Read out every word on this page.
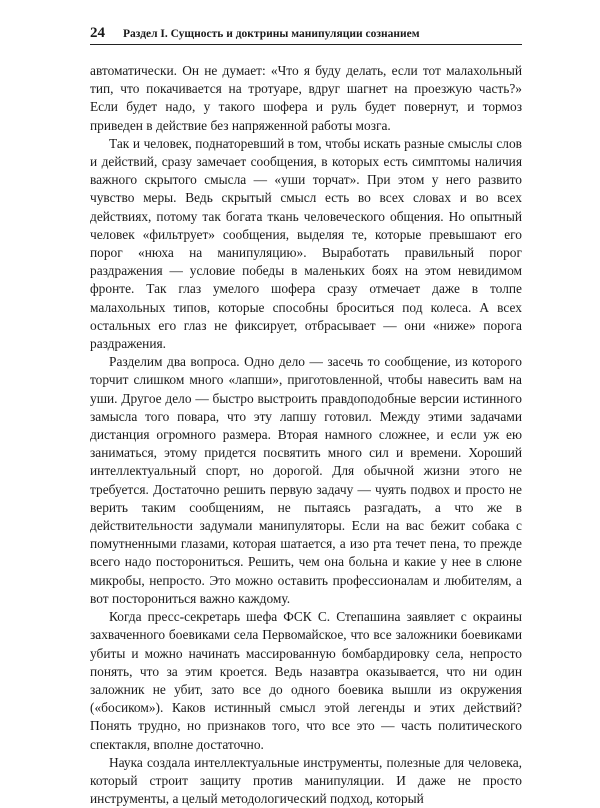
24 Раздел I. Сущность и доктрины манипуляции сознанием

автоматически. Он не думает: «Что я буду делать, если тот малахольный тип, что покачивается на тротуаре, вдруг шагнет на проезжую часть?» Если будет надо, у такого шофера и руль будет повернут, и тормоз приведен в действие без напряженной работы мозга.

Так и человек, поднаторевший в том, чтобы искать разные смыслы слов и действий, сразу замечает сообщения, в которых есть симптомы наличия важного скрытого смысла — «уши торчат». При этом у него развито чувство меры. Ведь скрытый смысл есть во всех словах и во всех действиях, потому так богата ткань человеческого общения. Но опытный человек «фильтрует» сообщения, выделяя те, которые превышают его порог «нюха на манипуляцию». Выработать правильный порог раздражения — условие победы в маленьких боях на этом невидимом фронте. Так глаз умелого шофера сразу отмечает даже в толпе малахольных типов, которые способны броситься под колеса. А всех остальных его глаз не фиксирует, отбрасывает — они «ниже» порога раздражения.

Разделим два вопроса. Одно дело — засечь то сообщение, из которого торчит слишком много «лапши», приготовленной, чтобы навесить вам на уши. Другое дело — быстро выстроить правдоподобные версии истинного замысла того повара, что эту лапшу готовил. Между этими задачами дистанция огромного размера. Вторая намного сложнее, и если уж ею заниматься, этому придется посвятить много сил и времени. Хороший интеллектуальный спорт, но дорогой. Для обычной жизни этого не требуется. Достаточно решить первую задачу — чуять подвох и просто не верить таким сообщениям, не пытаясь разгадать, а что же в действительности задумали манипуляторы. Если на вас бежит собака с помутненными глазами, которая шатается, а изо рта течет пена, то прежде всего надо посторониться. Решить, чем она больна и какие у нее в слюне микробы, непросто. Это можно оставить профессионалам и любителям, а вот посторониться важно каждому.

Когда пресс-секретарь шефа ФСК С. Степашина заявляет с окраины захваченного боевиками села Первомайское, что все заложники боевиками убиты и можно начинать массированную бомбардировку села, непросто понять, что за этим кроется. Ведь назавтра оказывается, что ни один заложник не убит, зато все до одного боевика вышли из окружения («босиком»). Каков истинный смысл этой легенды и этих действий? Понять трудно, но признаков того, что все это — часть политического спектакля, вполне достаточно.

Наука создала интеллектуальные инструменты, полезные для человека, который строит защиту против манипуляции. И даже не просто инструменты, а целый методологический подход, который
